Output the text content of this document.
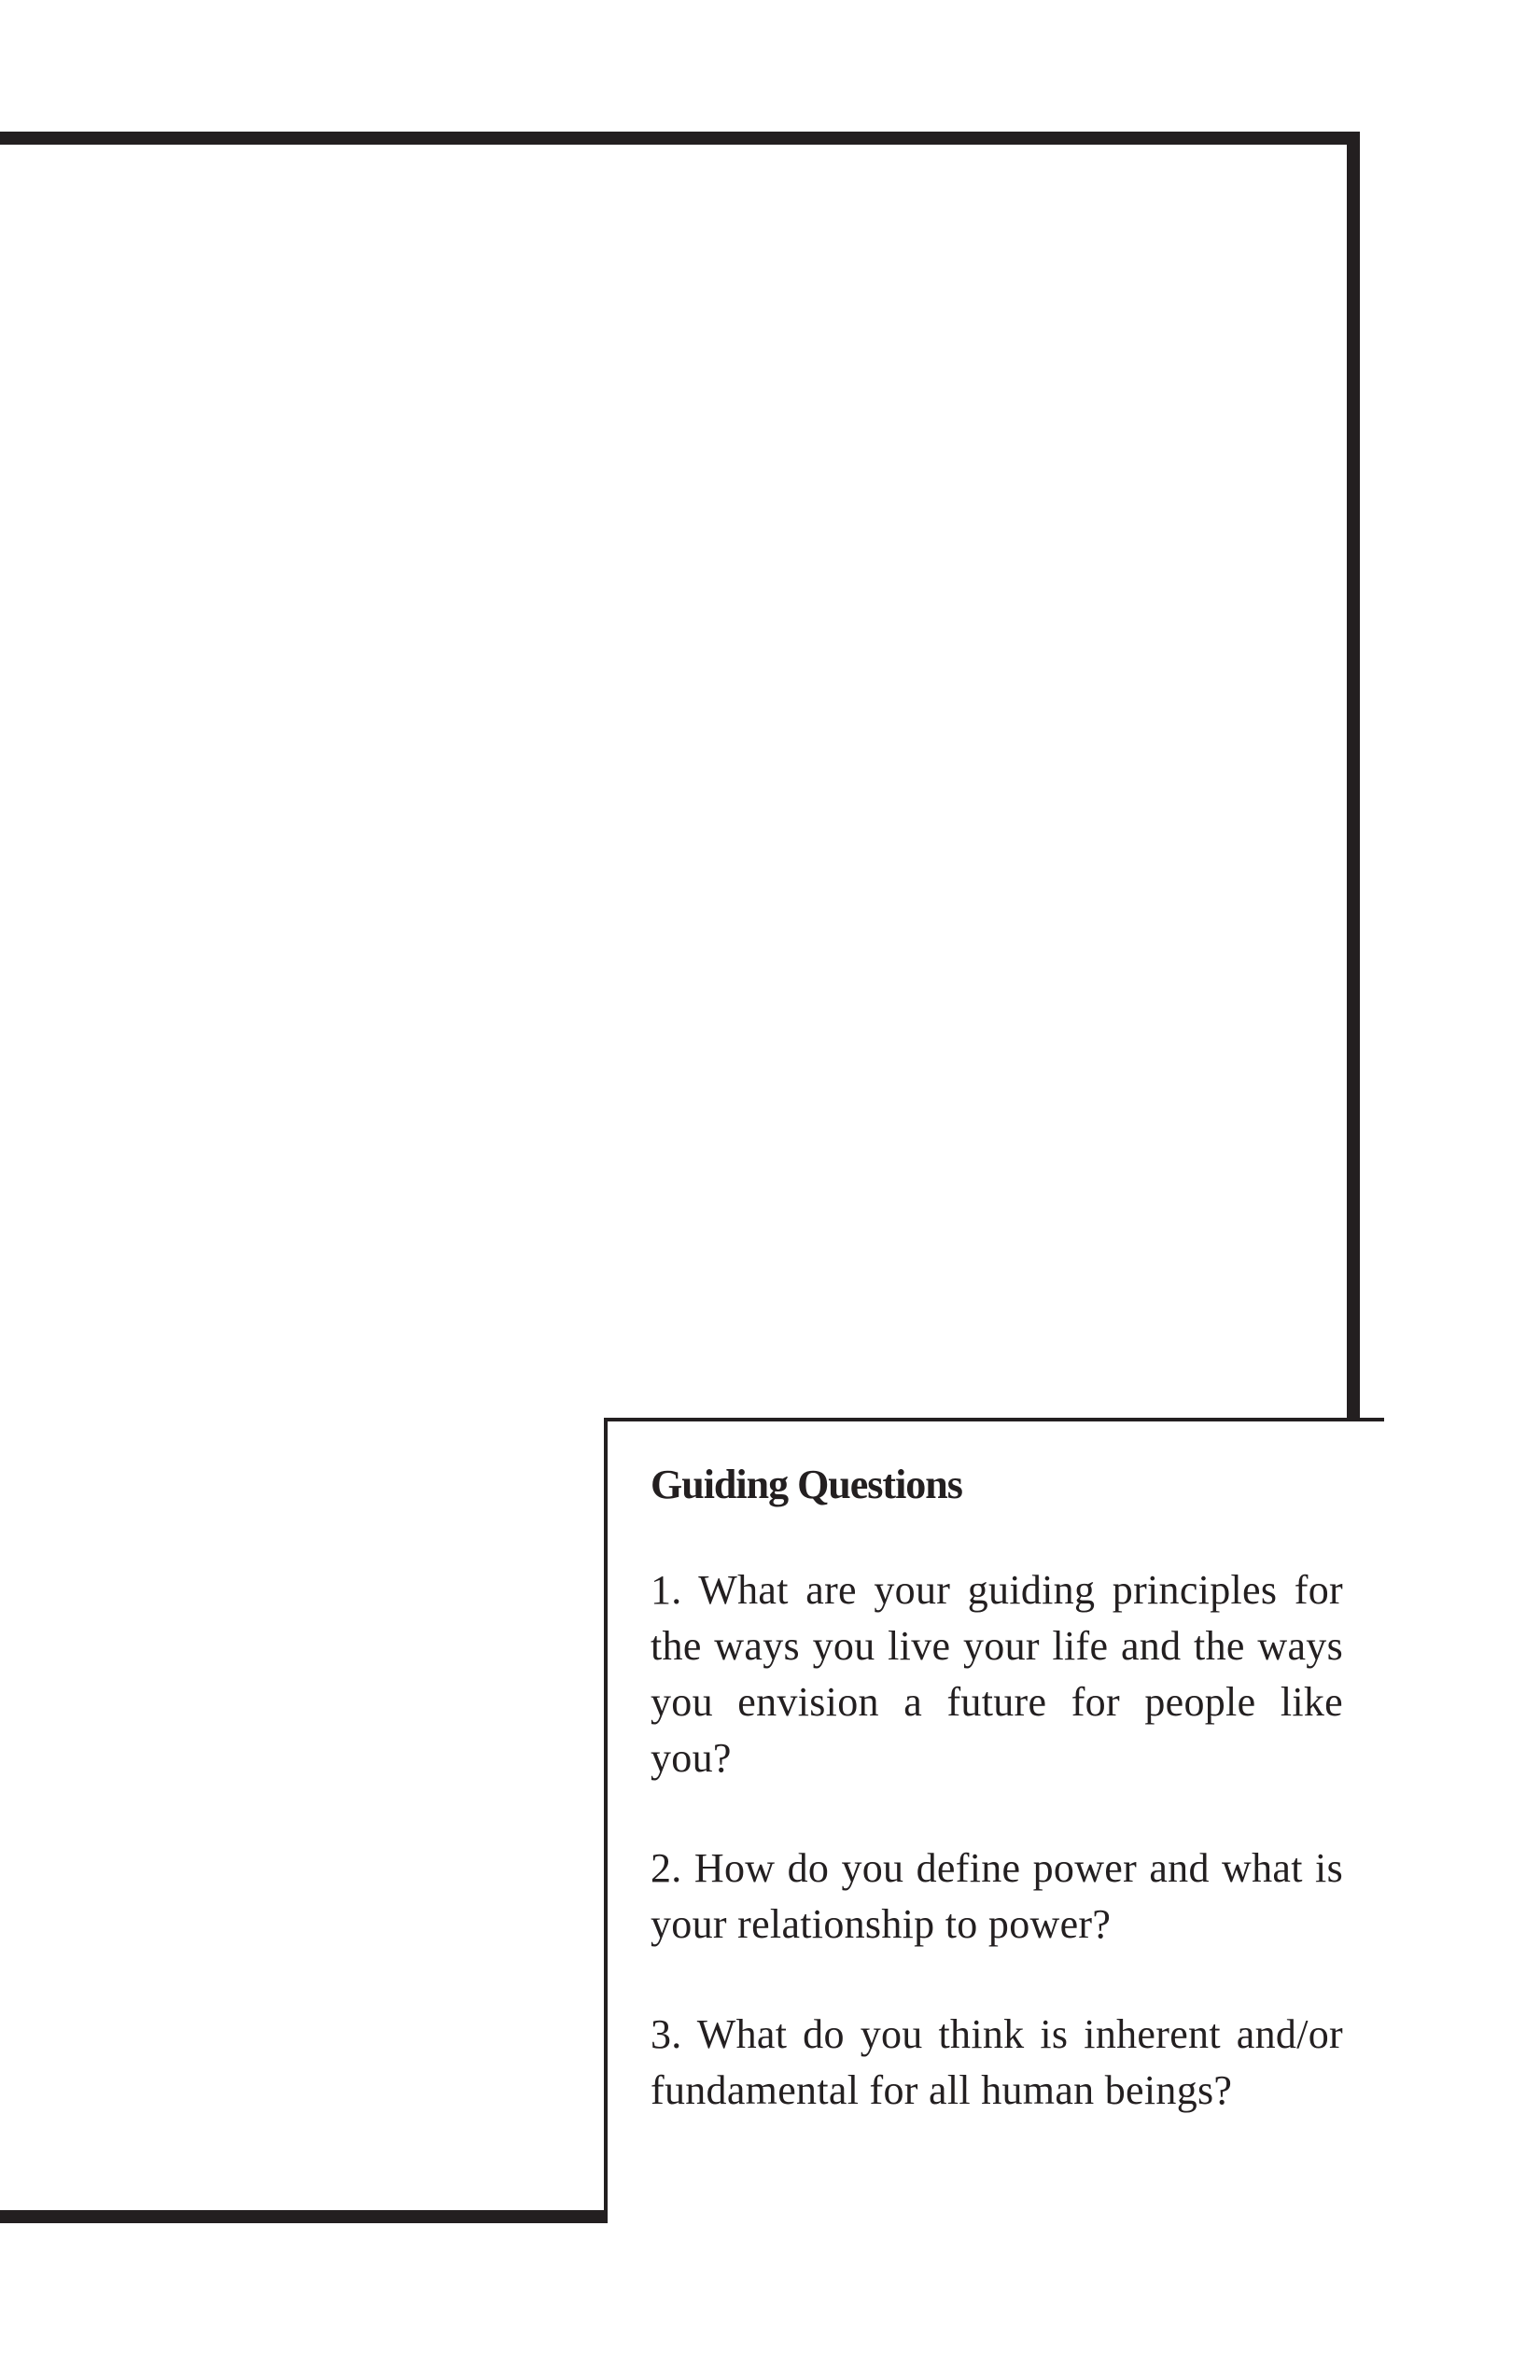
Guiding Questions

1. What are your guiding principles for the ways you live your life and the ways you envision a future for people like you?

2. How do you define power and what is your relationship to power?

3. What do you think is inherent and/or fundamental for all human beings?
